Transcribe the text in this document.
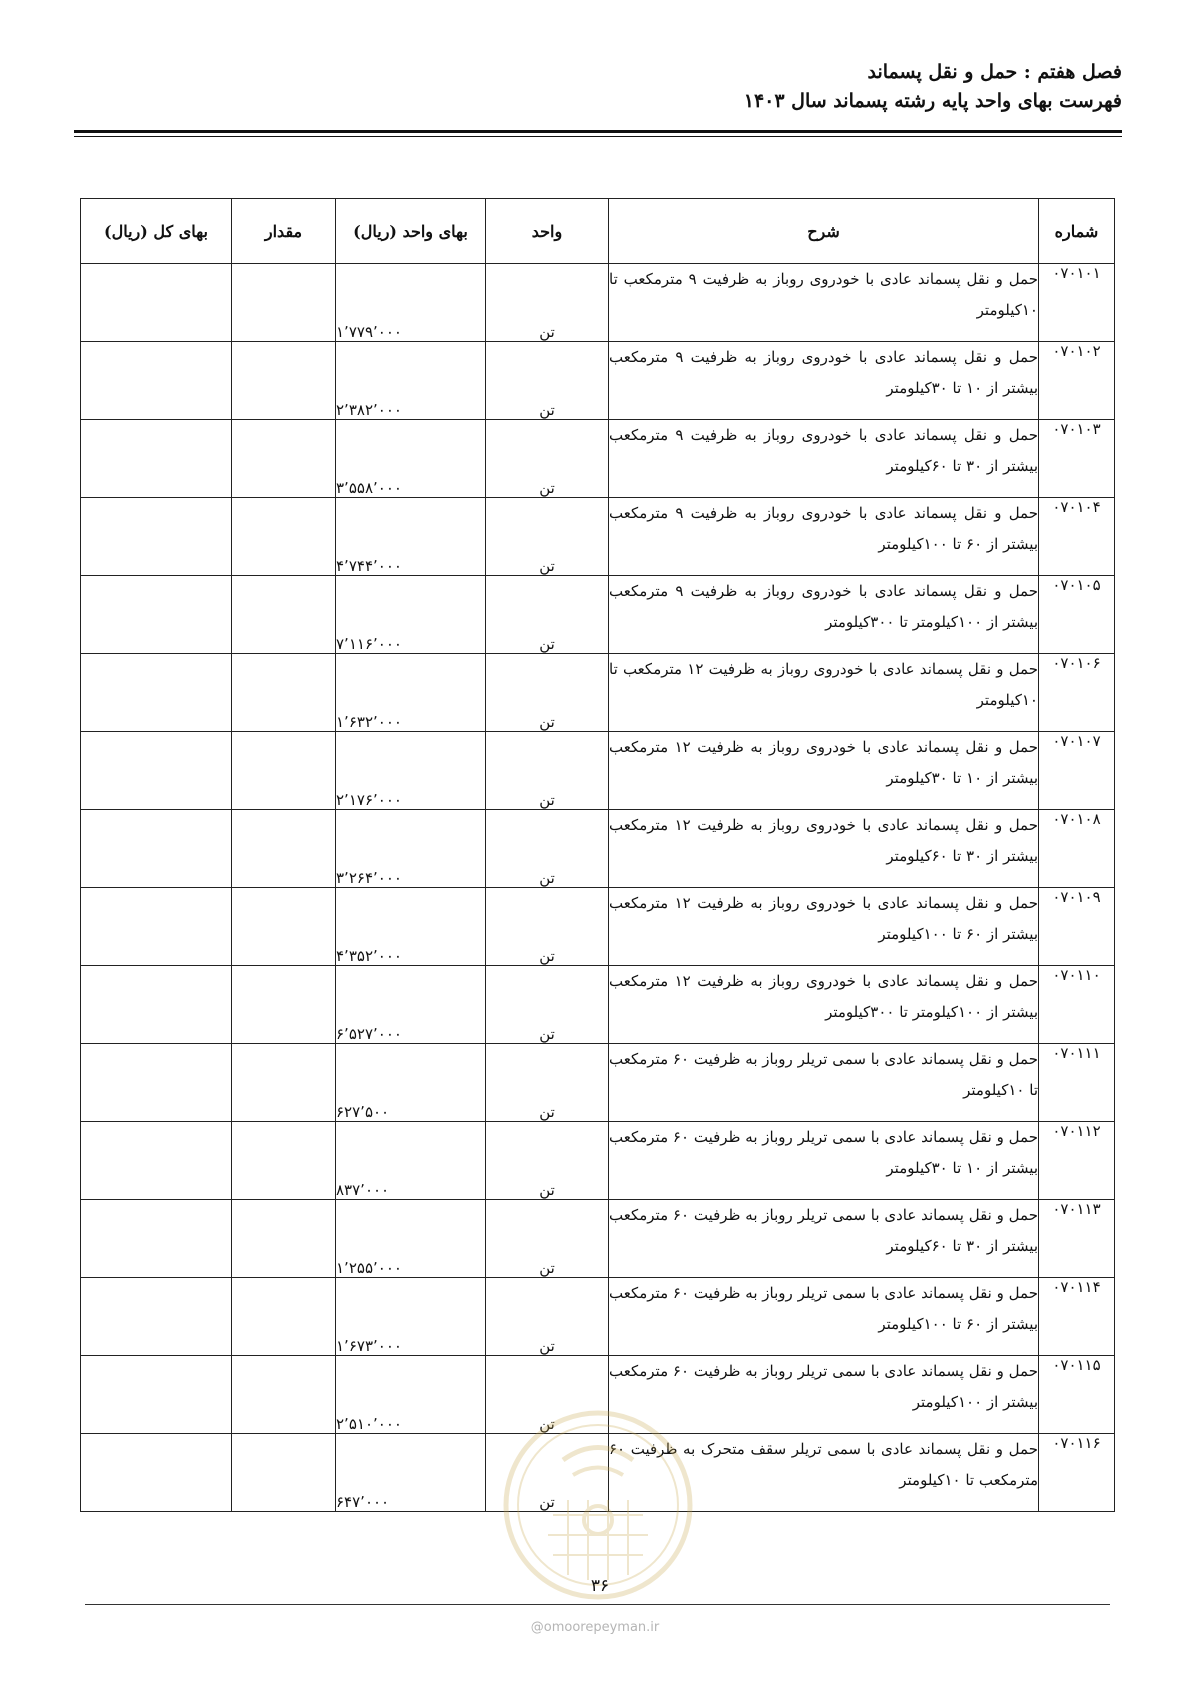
فصل هفتم : حمل و نقل پسماند
فهرست بهای واحد پایه رشته پسماند سال ۱۴۰۳
شماره	شرح	واحد	بهای واحد (ریال)	مقدار	بهای کل (ریال)
۰۷۰۱۰۱	حمل و نقل پسماند عادی با خودروی روباز به ظرفیت ۹ مترمکعب تا ۱۰کیلومتر	تن	۱٬۷۷۹٬۰۰۰		
۰۷۰۱۰۲	حمل و نقل پسماند عادی با خودروی روباز به ظرفیت ۹ مترمکعب بیشتر از ۱۰ تا ۳۰کیلومتر	تن	۲٬۳۸۲٬۰۰۰		
۰۷۰۱۰۳	حمل و نقل پسماند عادی با خودروی روباز به ظرفیت ۹ مترمکعب بیشتر از ۳۰ تا ۶۰کیلومتر	تن	۳٬۵۵۸٬۰۰۰		
۰۷۰۱۰۴	حمل و نقل پسماند عادی با خودروی روباز به ظرفیت ۹ مترمکعب بیشتر از ۶۰ تا ۱۰۰کیلومتر	تن	۴٬۷۴۴٬۰۰۰		
۰۷۰۱۰۵	حمل و نقل پسماند عادی با خودروی روباز به ظرفیت ۹ مترمکعب بیشتر از ۱۰۰کیلومتر تا ۳۰۰کیلومتر	تن	۷٬۱۱۶٬۰۰۰		
۰۷۰۱۰۶	حمل و نقل پسماند عادی با خودروی روباز به ظرفیت ۱۲ مترمکعب تا ۱۰کیلومتر	تن	۱٬۶۳۲٬۰۰۰		
۰۷۰۱۰۷	حمل و نقل پسماند عادی با خودروی روباز به ظرفیت ۱۲ مترمکعب بیشتر از ۱۰ تا ۳۰کیلومتر	تن	۲٬۱۷۶٬۰۰۰		
۰۷۰۱۰۸	حمل و نقل پسماند عادی با خودروی روباز به ظرفیت ۱۲ مترمکعب بیشتر از ۳۰ تا ۶۰کیلومتر	تن	۳٬۲۶۴٬۰۰۰		
۰۷۰۱۰۹	حمل و نقل پسماند عادی با خودروی روباز به ظرفیت ۱۲ مترمکعب بیشتر از ۶۰ تا ۱۰۰کیلومتر	تن	۴٬۳۵۲٬۰۰۰		
۰۷۰۱۱۰	حمل و نقل پسماند عادی با خودروی روباز به ظرفیت ۱۲ مترمکعب بیشتر از ۱۰۰کیلومتر تا ۳۰۰کیلومتر	تن	۶٬۵۲۷٬۰۰۰		
۰۷۰۱۱۱	حمل و نقل پسماند عادی با سمی تریلر روباز به ظرفیت ۶۰ مترمکعب تا ۱۰کیلومتر	تن	۶۲۷٬۵۰۰		
۰۷۰۱۱۲	حمل و نقل پسماند عادی با سمی تریلر روباز به ظرفیت ۶۰ مترمکعب بیشتر از ۱۰ تا ۳۰کیلومتر	تن	۸۳۷٬۰۰۰		
۰۷۰۱۱۳	حمل و نقل پسماند عادی با سمی تریلر روباز به ظرفیت ۶۰ مترمکعب بیشتر از ۳۰ تا ۶۰کیلومتر	تن	۱٬۲۵۵٬۰۰۰		
۰۷۰۱۱۴	حمل و نقل پسماند عادی با سمی تریلر روباز به ظرفیت ۶۰ مترمکعب بیشتر از ۶۰ تا ۱۰۰کیلومتر	تن	۱٬۶۷۳٬۰۰۰		
۰۷۰۱۱۵	حمل و نقل پسماند عادی با سمی تریلر روباز به ظرفیت ۶۰ مترمکعب بیشتر از ۱۰۰کیلومتر	تن	۲٬۵۱۰٬۰۰۰		
۰۷۰۱۱۶	حمل و نقل پسماند عادی با سمی تریلر سقف متحرک به ظرفیت ۶۰ مترمکعب تا ۱۰کیلومتر	تن	۶۴۷٬۰۰۰		
۳۶
@omoorepeyman.ir
